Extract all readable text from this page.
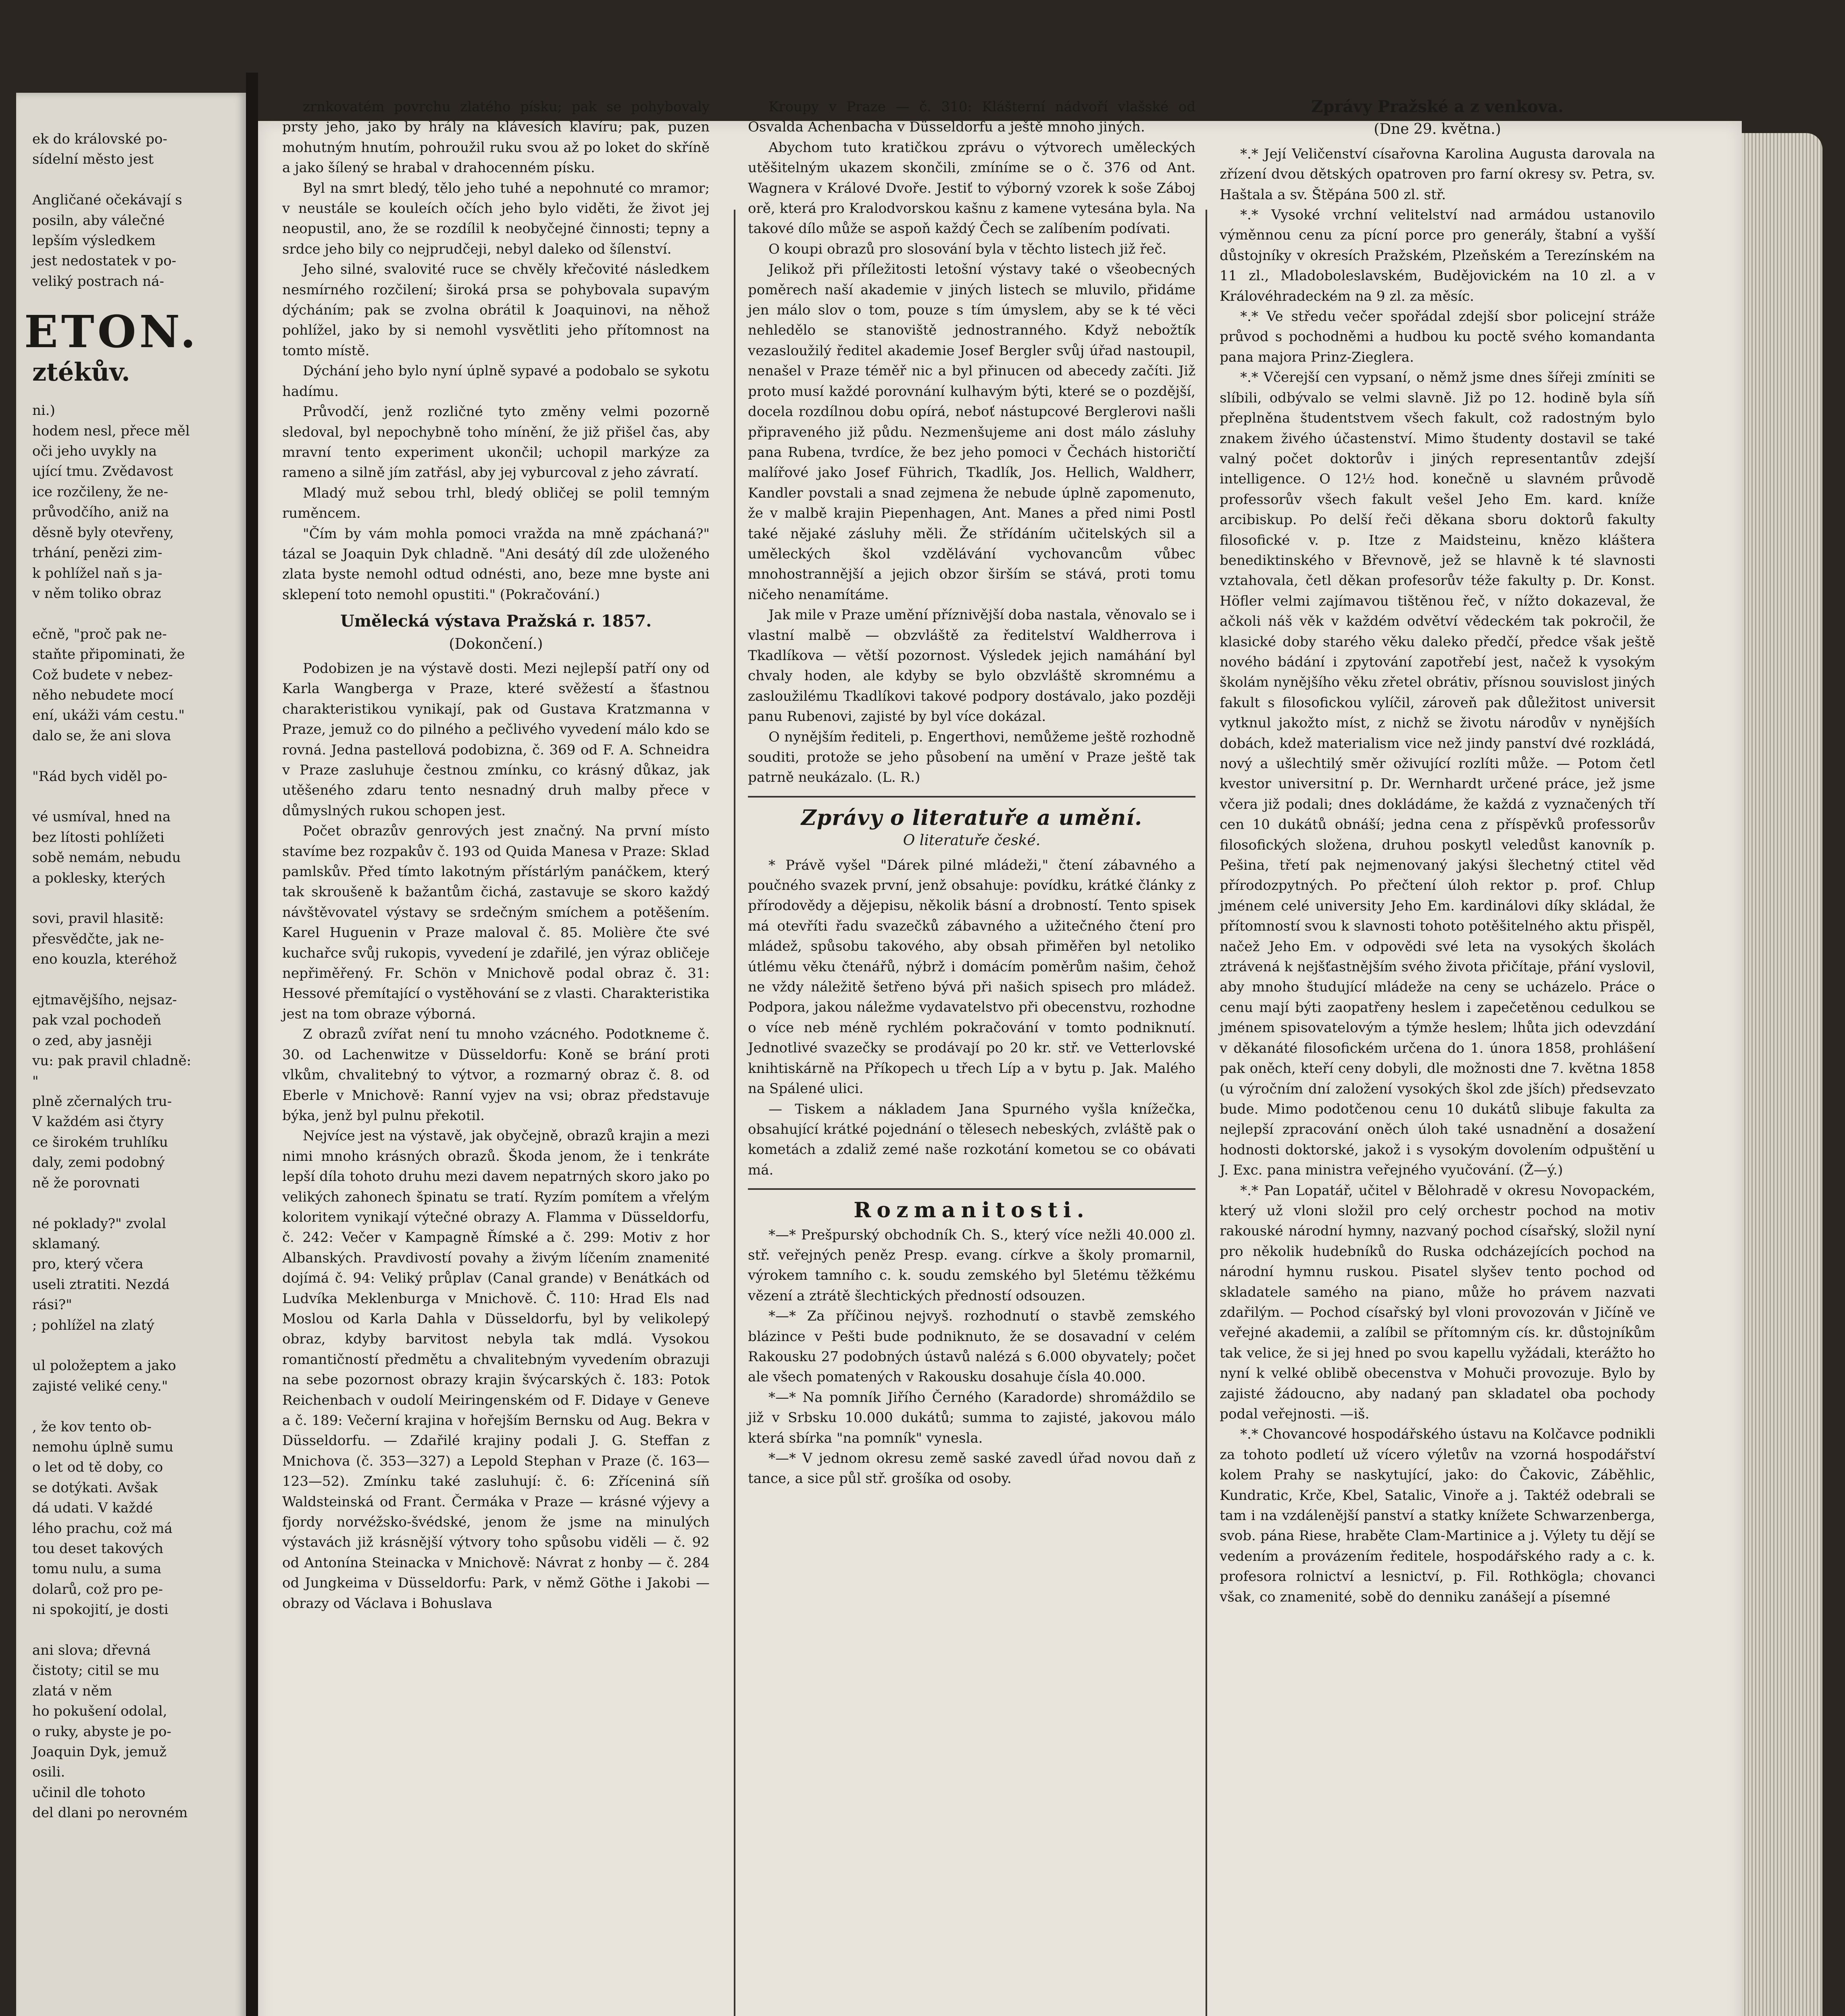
ek do královské po-

sídelní město jest

Angličané očekávají s

posiln, aby válečné

lepším výsledkem

jest nedostatek v po-

veliký postrach ná-

ETON.
ztékův.

ni.)

hodem nesl, přece měl

oči jeho uvykly na

ující tmu. Zvědavost

ice rozčileny, že ne-

průvodčího, aniž na

děsně byly otevřeny,

trhání, penězi zim-

k pohlížel naň s ja-

v něm toliko obraz

ečně, "proč pak ne-

staňte připominati, že

Což budete v nebez-

něho nebudete mocí

ení, ukáži vám cestu."

dalo se, že ani slova

"Rád bych viděl po-

vé usmíval, hned na

bez lítosti pohlížeti

sobě nemám, nebudu

a poklesky, kterých

sovi, pravil hlasitě:

přesvědčte, jak ne-

eno kouzla, kteréhož

ejtmavějšího, nejsaz-

pak vzal pochodeň

o zed, aby jasněji

vu: pak pravil chladně:

"

plně zčernalých tru-

V každém asi čtyry

ce širokém truhlíku

daly, zemi podobný

ně že porovnati

né poklady?" zvolal

sklamaný.

pro, který včera

useli ztratiti. Nezdá

rási?"

; pohlížel na zlatý

ul položeptem a jako

zajisté veliké ceny."

, že kov tento ob-

nemohu úplně sumu

o let od tě doby, co

se dotýkati. Avšak

dá udati. V každé

lého prachu, což má

tou deset takových

tomu nulu, a suma

dolarů, což pro pe-

ni spokojití, je dosti

ani slova; dřevná

čistoty; citil se mu

zlatá v něm

ho pokušení odolal,

o ruky, abyste je po-

Joaquin Dyk, jemuž

osili.

učinil dle tohoto

del dlani po nerovném

zrnkovatém povrchu zlatého písku; pak se pohybovaly prsty jeho, jako by hrály na klávesích klavíru; pak, puzen mohutným hnutím, pohroužil ruku svou až po loket do skříně a jako šílený se hrabal v drahocenném písku.

Byl na smrt bledý, tělo jeho tuhé a nepohnuté co mramor; v neustále se kouleích očích jeho bylo viděti, že život jej neopustil, ano, že se rozdílil k neobyčejné činnosti; tepny a srdce jeho bily co nejprudčeji, nebyl daleko od šílenství.

Jeho silné, svalovité ruce se chvěly křečovité následkem nesmírného rozčilení; široká prsa se pohybovala supavým dýcháním; pak se zvolna obrátil k Joaquinovi, na něhož pohlížel, jako by si nemohl vysvětliti jeho přítomnost na tomto místě.

Dýchání jeho bylo nyní úplně sypavé a podobalo se sykotu hadímu.

Průvodčí, jenž rozličné tyto změny velmi pozorně sledoval, byl nepochybně toho mínění, že již přišel čas, aby mravní tento experiment ukončil; uchopil markýze za rameno a silně jím zatřásl, aby jej vyburcoval z jeho závratí.

Mladý muž sebou trhl, bledý obličej se polil temným ruměncem.

"Čím by vám mohla pomoci vražda na mně zpáchaná?" tázal se Joaquin Dyk chladně. "Ani desátý díl zde uloženého zlata byste nemohl odtud odnésti, ano, beze mne byste ani sklepení toto nemohl opustiti." (Pokračování.)

Umělecká výstava Pražská r. 1857.
(Dokončení.)

Podobizen je na výstavě dosti. Mezi nejlepší patří ony od Karla Wangberga v Praze, které svěžestí a šťastnou charakteristikou vynikají, pak od Gustava Kratzmanna v Praze, jemuž co do pilného a pečlivého vyvedení málo kdo se rovná. Jedna pastellová podobizna, č. 369 od F. A. Schneidra v Praze zasluhuje čestnou zmínku, co krásný důkaz, jak utěšeného zdaru tento nesnadný druh malby přece v důmyslných rukou schopen jest.

Počet obrazův genrových jest značný. Na první místo stavíme bez rozpakův č. 193 od Quida Manesa v Praze: Sklad pamlskův. Před tímto lakotným přístárlým panáčkem, který tak skroušeně k bažantům čichá, zastavuje se skoro každý návštěvovatel výstavy se srdečným smíchem a potěšením. Karel Huguenin v Praze maloval č. 85. Molière čte své kuchařce svůj rukopis, vyvedení je zdařilé, jen výraz obličeje nepřiměřený. Fr. Schön v Mnichově podal obraz č. 31: Hessové přemítající o vystěhování se z vlasti. Charakteristika jest na tom obraze výborná.

Z obrazů zvířat není tu mnoho vzácného. Podotkneme č. 30. od Lachenwitze v Düsseldorfu: Koně se brání proti vlkům, chvalitebný to výtvor, a rozmarný obraz č. 8. od Eberle v Mnichově: Ranní vyjev na vsi; obraz představuje býka, jenž byl pulnu překotil.

Nejvíce jest na výstavě, jak obyčejně, obrazů krajin a mezi nimi mnoho krásných obrazů. Škoda jenom, že i tenkráte lepší díla tohoto druhu mezi davem nepatrných skoro jako po velikých zahonech špinatu se tratí. Ryzím pomítem a vřelým koloritem vynikají výtečné obrazy A. Flamma v Düsseldorfu, č. 242: Večer v Kampagně Římské a č. 299: Motiv z hor Albanských. Pravdivostí povahy a živým líčením znamenité dojímá č. 94: Veliký průplav (Canal grande) v Benátkách od Ludvíka Meklenburga v Mnichově. Č. 110: Hrad Els nad Moslou od Karla Dahla v Düsseldorfu, byl by velikolepý obraz, kdyby barvitost nebyla tak mdlá. Vysokou romantičností předmětu a chvalitebným vyvedením obrazuji na sebe pozornost obrazy krajin švýcarských č. 183: Potok Reichenbach v oudolí Meiringenském od F. Didaye v Geneve a č. 189: Večerní krajina v hořejším Bernsku od Aug. Bekra v Düsseldorfu. — Zdařilé krajiny podali J. G. Steffan z Mnichova (č. 353—327) a Lepold Stephan v Praze (č. 163—123—52). Zmínku také zasluhují: č. 6: Zříceniná síň Waldsteinská od Frant. Čermáka v Praze — krásné výjevy a fjordy norvéžsko-švédské, jenom že jsme na minulých výstavách již krásnější výtvory toho spůsobu viděli — č. 92 od Antonína Steinacka v Mnichově: Návrat z honby — č. 284 od Jungkeima v Düsseldorfu: Park, v němž Göthe i Jakobi — obrazy od Václava i Bohuslava

Kroupy v Praze — č. 310: Klášterní nádvoří vlašské od Osvalda Achenbacha v Düsseldorfu a ještě mnoho jiných.

Abychom tuto kratičkou zprávu o výtvorech uměleckých utěšitelným ukazem skončili, zmíníme se o č. 376 od Ant. Wagnera v Králové Dvoře. Jestiť to výborný vzorek k soše Záboj orě, která pro Kralodvorskou kašnu z kamene vytesána byla. Na takové dílo může se aspoň každý Čech se zalíbením podívati.

O koupi obrazů pro slosování byla v těchto listech již řeč.

Jelikož při příležitosti letošní výstavy také o všeobecných poměrech naší akademie v jiných listech se mluvilo, přidáme jen málo slov o tom, pouze s tím úmyslem, aby se k té věci nehledělo se stanoviště jednostranného. Když nebožtík vezasloužilý ředitel akademie Josef Bergler svůj úřad nastoupil, nenašel v Praze téměř nic a byl přinucen od abecedy začíti. Již proto musí každé porovnání kulhavým býti, které se o pozdější, docela rozdílnou dobu opírá, neboť nástupcové Berglerovi našli připraveného již půdu. Nezmenšujeme ani dost málo zásluhy pana Rubena, tvrdíce, že bez jeho pomoci v Čechách historičtí malířové jako Josef Führich, Tkadlík, Jos. Hellich, Waldherr, Kandler povstali a snad zejmena že nebude úplně zapomenuto, že v malbě krajin Piepenhagen, Ant. Manes a před nimi Postl také nějaké zásluhy měli. Že střídáním učitelských sil a uměleckých škol vzdělávání vychovancům vůbec mnohostrannější a jejich obzor širším se stává, proti tomu ničeho nenamítáme.

Jak mile v Praze umění příznivější doba nastala, věnovalo se i vlastní malbě — obzvláště za ředitelství Waldherrova i Tkadlíkova — větší pozornost. Výsledek jejich namáhání byl chvaly hoden, ale kdyby se bylo obzvláště skromnému a zasloužilému Tkadlíkovi takové podpory dostávalo, jako později panu Rubenovi, zajisté by byl více dokázal.

O nynějším řediteli, p. Engerthovi, nemůžeme ještě rozhodně souditi, protože se jeho působení na umění v Praze ještě tak patrně neukázalo. (L. R.)

Zprávy o literatuře a umění.
O literatuře české.

* Právě vyšel "Dárek pilné mládeži," čtení zábavného a poučného svazek první, jenž obsahuje: povídku, krátké články z přírodovědy a dějepisu, několik básní a drobností. Tento spisek má otevříti řadu svazečků zábavného a užitečného čtení pro mládež, spůsobu takového, aby obsah přiměřen byl netoliko útlému věku čtenářů, nýbrž i domácím poměrům našim, čehož ne vždy náležitě šetřeno bývá při našich spisech pro mládež. Podpora, jakou náležme vydavatelstvo při obecenstvu, rozhodne o více neb méně rychlém pokračování v tomto podniknutí. Jednotlivé svazečky se prodávají po 20 kr. stř. ve Vetterlovské knihtiskárně na Příkopech u třech Líp a v bytu p. Jak. Malého na Spálené ulici.

— Tiskem a nákladem Jana Spurného vyšla knížečka, obsahující krátké pojednání o tělesech nebeských, zvláště pak o kometách a zdaliž zemé naše rozkotání kometou se co obávati má.

Rozmanitosti.

*—* Prešpurský obchodník Ch. S., který více nežli 40.000 zl. stř. veřejných peněz Presp. evang. církve a školy promarnil, výrokem tamního c. k. soudu zemského byl 5letému těžkému vězení a ztrátě šlechtických předností odsouzen.

*—* Za příčinou nejvyš. rozhodnutí o stavbě zemského blázince v Pešti bude podniknuto, že se dosavadní v celém Rakousku 27 podobných ústavů nalézá s 6.000 obyvately; počet ale všech pomatených v Rakousku dosahuje čísla 40.000.

*—* Na pomník Jiřího Černého (Karadorde) shromáždilo se již v Srbsku 10.000 dukátů; summa to zajisté, jakovou málo která sbírka "na pomník" vynesla.

*—* V jednom okresu země saské zavedl úřad novou daň z tance, a sice půl stř. grošíka od osoby.

Zprávy Pražské a z venkova.
(Dne 29. května.)

*.* Její Veličenství císařovna Karolina Augusta darovala na zřízení dvou dětských opatroven pro farní okresy sv. Petra, sv. Haštala a sv. Štěpána 500 zl. stř.

*.* Vysoké vrchní velitelství nad armádou ustanovilo výměnnou cenu za pícní porce pro generály, štabní a vyšší důstojníky v okresích Pražském, Plzeňském a Terezínském na 11 zl., Mladoboleslavském, Budějovickém na 10 zl. a v Královéhradeckém na 9 zl. za měsíc.

*.* Ve středu večer spořádal zdejší sbor policejní stráže průvod s pochodněmi a hudbou ku poctě svého komandanta pana majora Prinz-Zieglera.

*.* Včerejší cen vypsaní, o němž jsme dnes šířeji zmíniti se slíbili, odbývalo se velmi slavně. Již po 12. hodině byla síň přeplněna študentstvem všech fakult, což radostným bylo znakem živého účastenství. Mimo študenty dostavil se také valný počet doktorův i jiných representantův zdejší intelligence. O 12½ hod. konečně u slavném průvodě professorův všech fakult vešel Jeho Em. kard. kníže arcibiskup. Po delší řeči děkana sboru doktorů fakulty filosofické v. p. Itze z Maidsteinu, knězo kláštera benediktinského v Břevnově, jež se hlavně k té slavnosti vztahovala, četl děkan profesorův téže fakulty p. Dr. Konst. Höfler velmi zajímavou tištěnou řeč, v nížto dokazeval, že ačkoli náš věk v každém odvětví vědeckém tak pokročil, že klasické doby starého věku daleko předčí, předce však ještě nového bádání i zpytování zapotřebí jest, načež k vysokým školám nynějšího věku zřetel obrátiv, přísnou souvislost jiných fakult s filosofickou vylíčil, zároveň pak důležitost universit vytknul jakožto míst, z nichž se životu národův v nynějších dobách, kdež materialism vice než jindy panství dvé rozkládá, nový a ušlechtilý směr oživující rozlíti může. — Potom četl kvestor universitní p. Dr. Wernhardt určené práce, jež jsme včera již podali; dnes dokládáme, že každá z vyznačených tří cen 10 dukátů obnáší; jedna cena z příspěvků professorův filosofických složena, druhou poskytl veledůst kanovník p. Pešina, třetí pak nejmenovaný jakýsi šlechetný ctitel věd přírodozpytných. Po přečtení úloh rektor p. prof. Chlup jménem celé university Jeho Em. kardinálovi díky skládal, že přítomností svou k slavnosti tohoto potěšitelného aktu přispěl, načež Jeho Em. v odpovědi své leta na vysokých školách ztrávená k nejšťastnějším svého života přičítaje, přání vyslovil, aby mnoho študující mládeže na ceny se ucházelo. Práce o cenu mají býti zaopatřeny heslem i zapečetěnou cedulkou se jménem spisovatelovým a týmže heslem; lhůta jich odevzdání v děkanáté filosofickém určena do 1. února 1858, prohlášení pak oněch, kteří ceny dobyli, dle možnosti dne 7. května 1858 (u výročním dní založení vysokých škol zde jších) předsevzato bude. Mimo podotčenou cenu 10 dukátů slibuje fakulta za nejlepší zpracování oněch úloh také usnadnění a dosažení hodnosti doktorské, jakož i s vysokým dovolením odpuštění u J. Exc. pana ministra veřejného vyučování. (Ž—ý.)

*.* Pan Lopatář, učitel v Bělohradě v okresu Novopackém, který už vloni složil pro celý orchestr pochod na motiv rakouské národní hymny, nazvaný pochod císařský, složil nyní pro několik hudebníků do Ruska odcházejících pochod na národní hymnu ruskou. Pisatel slyšev tento pochod od skladatele samého na piano, může ho právem nazvati zdařilým. — Pochod císařský byl vloni provozován v Jičíně ve veřejné akademii, a zalíbil se přítomným cís. kr. důstojníkům tak velice, že si jej hned po svou kapellu vyžádali, kterážto ho nyní k velké oblibě obecenstva v Mohuči provozuje. Bylo by zajisté žádoucno, aby nadaný pan skladatel oba pochody podal veřejnosti. —iš.

*.* Chovancové hospodářského ústavu na Kolčavce podnikli za tohoto podletí už vícero výletův na vzorná hospodářství kolem Prahy se naskytující, jako: do Čakovic, Záběhlic, Kundratic, Krče, Kbel, Satalic, Vinoře a j. Taktéž odebrali se tam i na vzdálenější panství a statky knížete Schwarzenberga, svob. pána Riese, hraběte Clam-Martinice a j. Výlety tu dějí se vedením a provázením ředitele, hospodářského rady a c. k. profesora rolnictví a lesnictví, p. Fil. Rothkögla; chovanci však, co znamenité, sobě do denniku zanášejí a písemné
